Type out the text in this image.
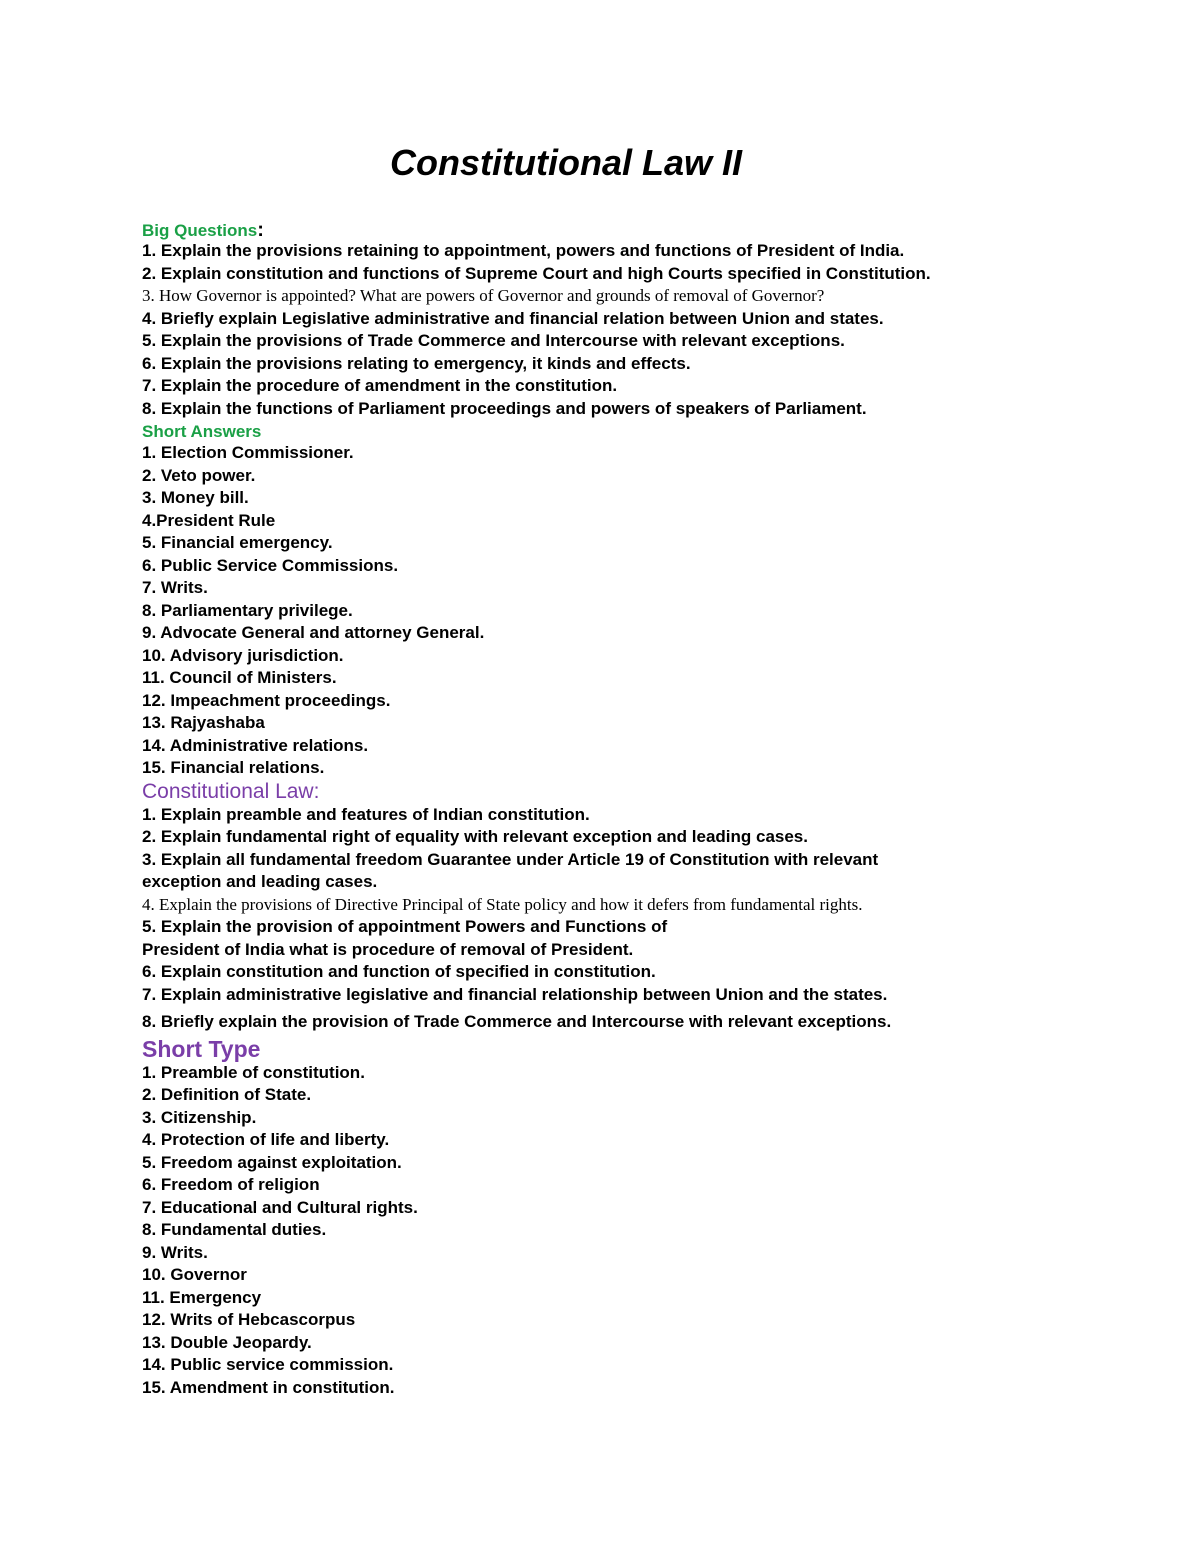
Constitutional Law II
Big Questions:
1. Explain the provisions retaining to appointment, powers and functions of President of India.
2. Explain constitution and functions of Supreme Court and high Courts specified in Constitution.
3. How Governor is appointed? What are powers of Governor and grounds of removal of Governor?
4. Briefly explain Legislative administrative and financial relation between Union and states.
5. Explain the provisions of Trade Commerce and Intercourse with relevant exceptions.
6. Explain the provisions relating to emergency, it kinds and effects.
7. Explain the procedure of amendment in the constitution.
8. Explain the functions of Parliament proceedings and powers of speakers of Parliament.
Short Answers
1. Election Commissioner.
2. Veto power.
3. Money bill.
4.President Rule
5. Financial emergency.
6. Public Service Commissions.
7. Writs.
8. Parliamentary privilege.
9. Advocate General and attorney General.
10. Advisory jurisdiction.
11. Council of Ministers.
12. Impeachment proceedings.
13. Rajyashaba
14. Administrative relations.
15. Financial relations.
Constitutional Law:
1. Explain preamble and features of Indian constitution.
2. Explain fundamental right of equality with relevant exception and leading cases.
3. Explain all fundamental freedom Guarantee under Article 19 of Constitution with relevant
exception and leading cases.
4. Explain the provisions of Directive Principal of State policy and how it defers from fundamental rights.
5. Explain the provision of appointment Powers and Functions of
President of India what is procedure of removal of President.
6. Explain constitution and function of specified in constitution.
7. Explain administrative legislative and financial relationship between Union and the states.
8. Briefly explain the provision of Trade Commerce and Intercourse with relevant exceptions.
Short Type
1. Preamble of constitution.
2. Definition of State.
3. Citizenship.
4. Protection of life and liberty.
5. Freedom against exploitation.
6. Freedom of religion
7. Educational and Cultural rights.
8. Fundamental duties.
9. Writs.
10. Governor
11. Emergency
12. Writs of Hebcascorpus
13. Double Jeopardy.
14. Public service commission.
15. Amendment in constitution.
